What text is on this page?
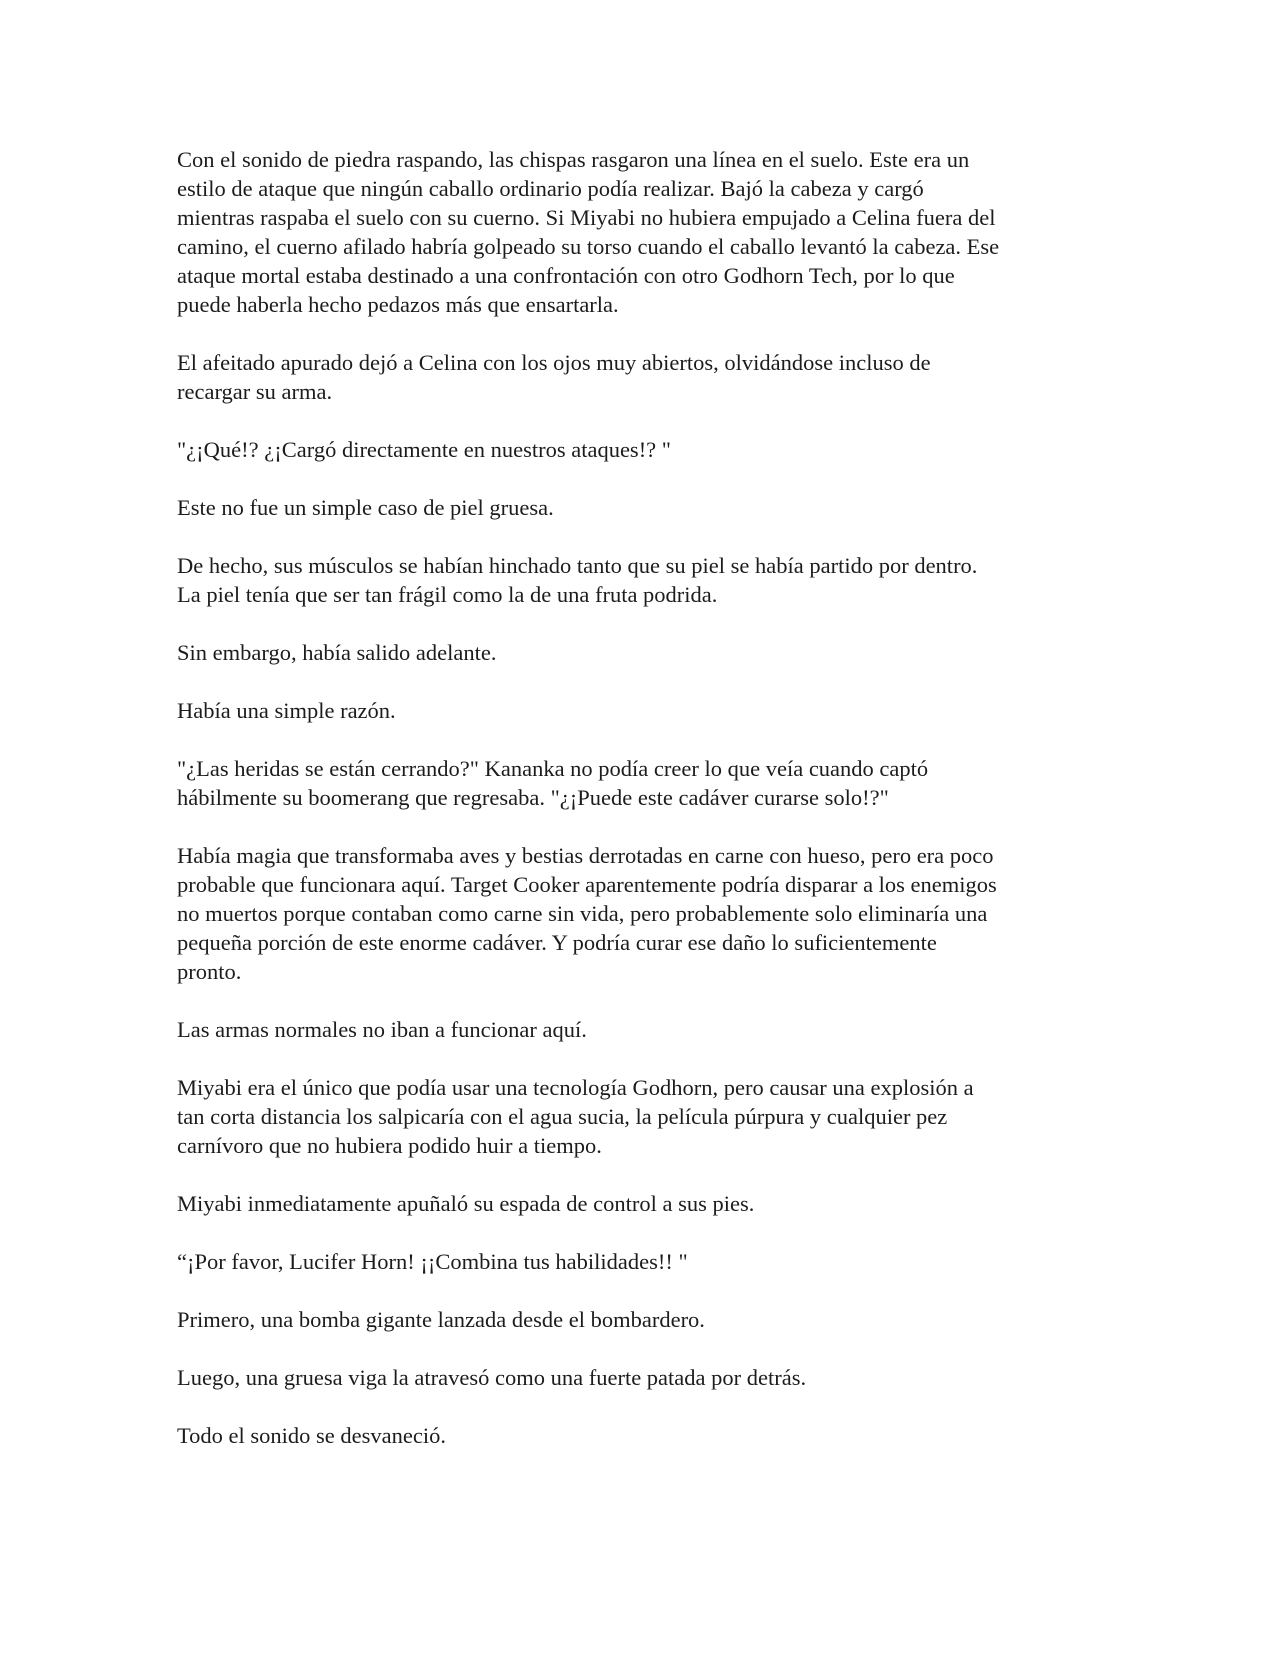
Con el sonido de piedra raspando, las chispas rasgaron una línea en el suelo. Este era un
estilo de ataque que ningún caballo ordinario podía realizar. Bajó la cabeza y cargó
mientras raspaba el suelo con su cuerno. Si Miyabi no hubiera empujado a Celina fuera del
camino, el cuerno afilado habría golpeado su torso cuando el caballo levantó la cabeza. Ese
ataque mortal estaba destinado a una confrontación con otro Godhorn Tech, por lo que
puede haberla hecho pedazos más que ensartarla.

El afeitado apurado dejó a Celina con los ojos muy abiertos, olvidándose incluso de
recargar su arma.

"¿¡Qué!? ¿¡Cargó directamente en nuestros ataques!? "

Este no fue un simple caso de piel gruesa.

De hecho, sus músculos se habían hinchado tanto que su piel se había partido por dentro.
La piel tenía que ser tan frágil como la de una fruta podrida.

Sin embargo, había salido adelante.

Había una simple razón.

"¿Las heridas se están cerrando?" Kananka no podía creer lo que veía cuando captó
hábilmente su boomerang que regresaba. "¿¡Puede este cadáver curarse solo!?"

Había magia que transformaba aves y bestias derrotadas en carne con hueso, pero era poco
probable que funcionara aquí. Target Cooker aparentemente podría disparar a los enemigos
no muertos porque contaban como carne sin vida, pero probablemente solo eliminaría una
pequeña porción de este enorme cadáver. Y podría curar ese daño lo suficientemente
pronto.

Las armas normales no iban a funcionar aquí.

Miyabi era el único que podía usar una tecnología Godhorn, pero causar una explosión a
tan corta distancia los salpicaría con el agua sucia, la película púrpura y cualquier pez
carnívoro que no hubiera podido huir a tiempo.

Miyabi inmediatamente apuñaló su espada de control a sus pies.

“¡Por favor, Lucifer Horn! ¡¡Combina tus habilidades!! "

Primero, una bomba gigante lanzada desde el bombardero.

Luego, una gruesa viga la atravesó como una fuerte patada por detrás.

Todo el sonido se desvaneció.
